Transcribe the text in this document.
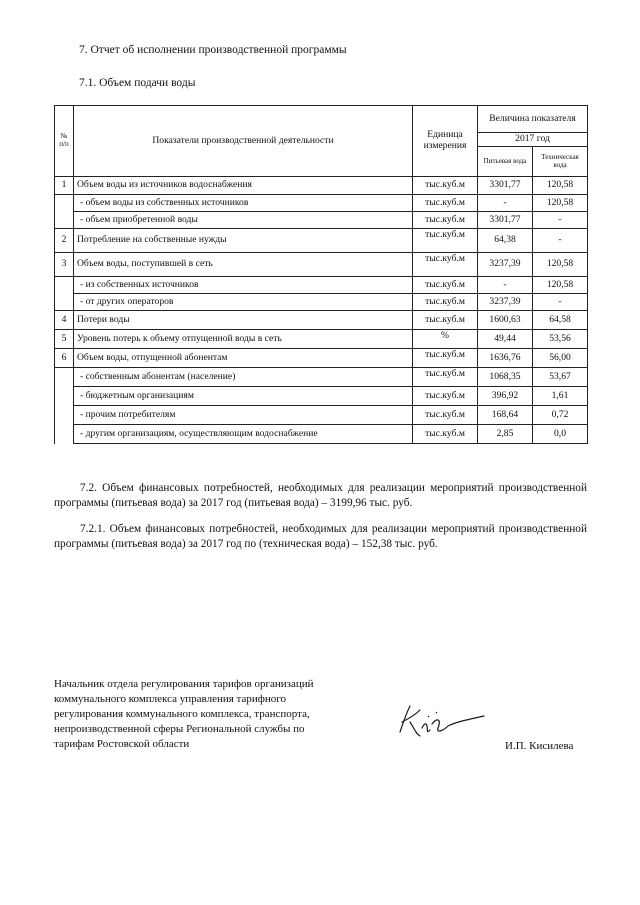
7. Отчет об исполнении производственной программы
7.1. Объем подачи воды
№ п/п	Показатели производственной деятельности	Единица измерения	Величина показателя	
			2017 год	
			Питьевая вода	Техническая вода
1	Объем воды из источников водоснабжения	тыс.куб.м	3301,77	120,58
	- объем воды из собственных источников	тыс.куб.м	-	120,58
	- объем приобретенной воды	тыс.куб.м	3301,77	-
2	Потребление на собственные нужды	тыс.куб.м	64,38	-
3	Объем воды, поступившей в сеть	тыс.куб.м	3237,39	120,58
	- из собственных источников	тыс.куб.м	-	120,58
	- от других операторов	тыс.куб.м	3237,39	-
4	Потери воды	тыс.куб.м	1600,63	64,58
5	Уровень потерь к объему отпущенной воды в сеть	%	49,44	53,56
6	Объем воды, отпущенной абонентам	тыс.куб.м	1636,76	56,00
	- собственным абонентам (население)	тыс.куб.м	1068,35	53,67
	- бюджетным организациям	тыс.куб.м	396,92	1,61
	- прочим потребителям	тыс.куб.м	168,64	0,72
	- другим организациям, осуществляющим водоснабжение	тыс.куб.м	2,85	0,0
7.2. Объем финансовых потребностей, необходимых для реализации мероприятий производственной программы (питьевая вода) за 2017 год (питьевая вода) – 3199,96 тыс. руб.
7.2.1. Объем финансовых потребностей, необходимых для реализации мероприятий производственной программы (питьевая вода) за 2017 год по (техническая вода) – 152,38 тыс. руб.
Начальник отдела регулирования тарифов организаций
коммунального комплекса управления тарифного
регулирования коммунального комплекса, транспорта,
непроизводственной сферы Региональной службы по
тарифам Ростовской области	И.П. Кисилева
